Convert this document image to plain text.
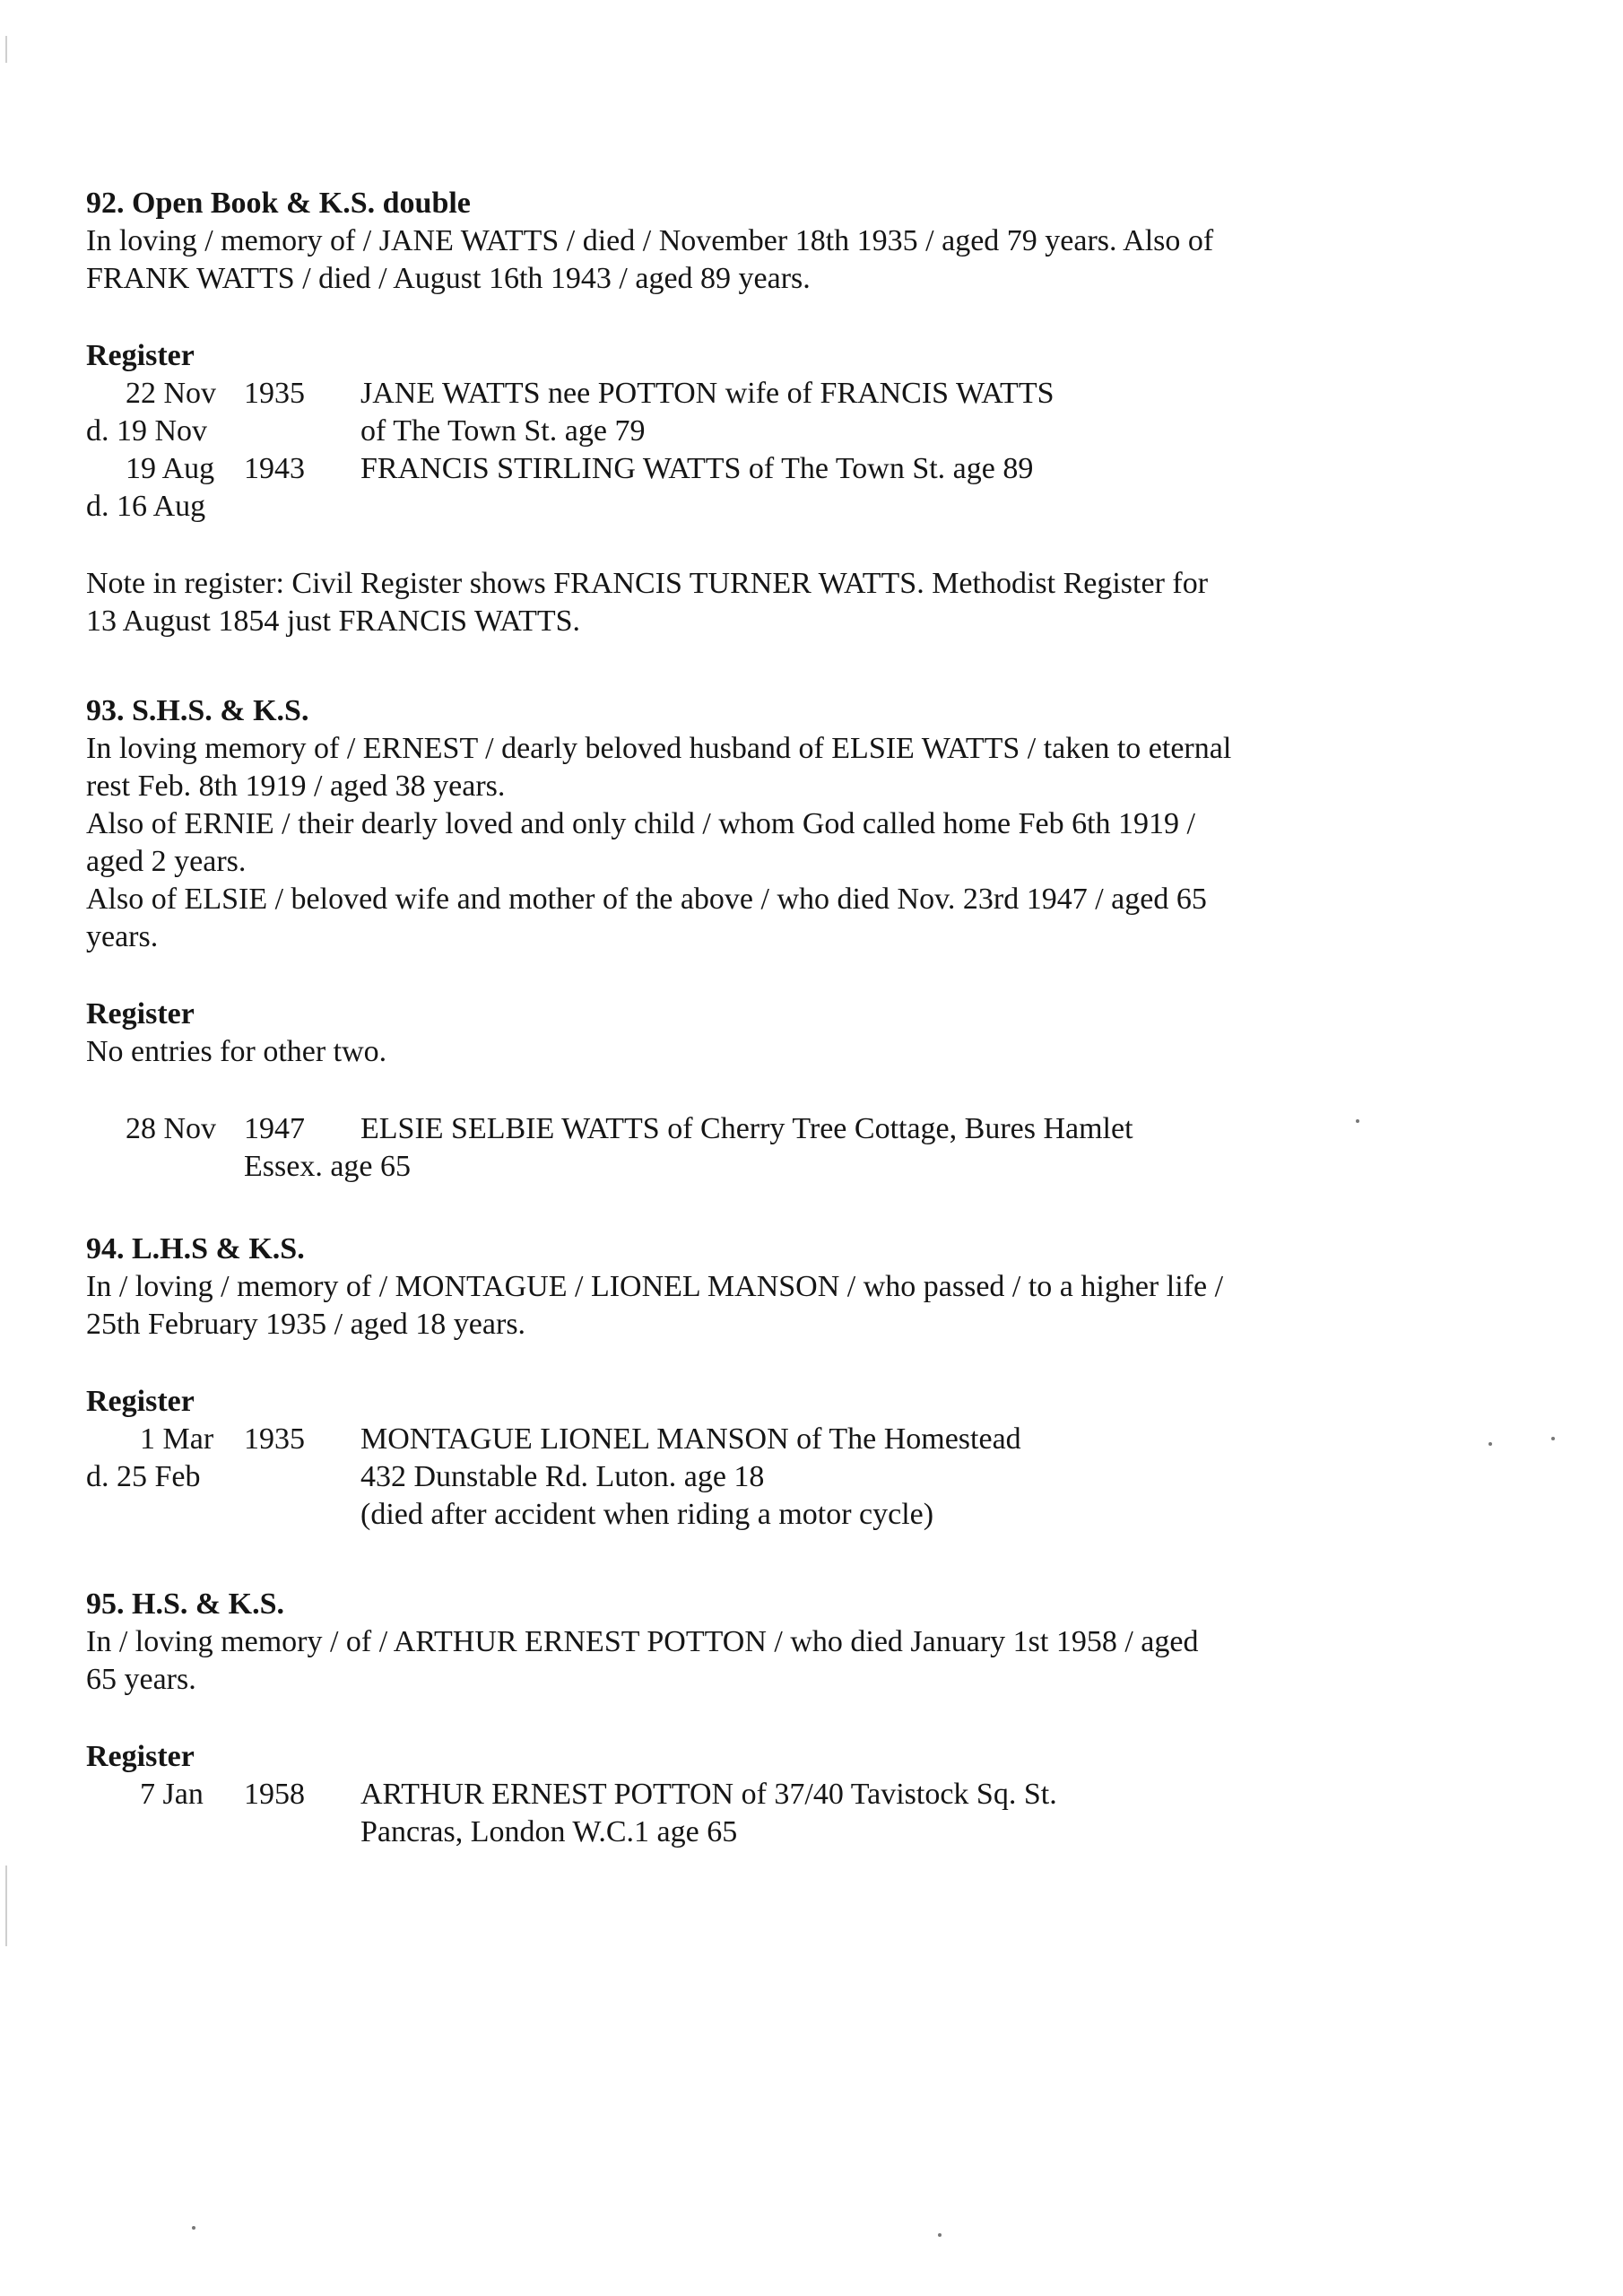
92. Open Book & K.S. double
In loving / memory of / JANE WATTS / died / November 18th 1935 / aged 79 years. Also of
FRANK WATTS / died / August 16th 1943 / aged 89 years.
Register
22 Nov 1935 JANE WATTS nee POTTON wife of FRANCIS WATTS
d. 19 Nov	of The Town St. age 79
19 Aug 1943 FRANCIS STIRLING WATTS of The Town St. age 89
d. 16 Aug
Note in register: Civil Register shows FRANCIS TURNER WATTS. Methodist Register for
13 August 1854 just FRANCIS WATTS.
93. S.H.S. & K.S.
In loving memory of / ERNEST / dearly beloved husband of ELSIE WATTS / taken to eternal
rest Feb. 8th 1919 / aged 38 years.
Also of ERNIE / their dearly loved and only child / whom God called home Feb 6th 1919 /
aged 2 years.
Also of ELSIE / beloved wife and mother of the above / who died Nov. 23rd 1947 / aged 65
years.
Register
No entries for other two.
28 Nov 1947 ELSIE SELBIE WATTS of Cherry Tree Cottage, Bures Hamlet
Essex. age 65
94. L.H.S & K.S.
In / loving / memory of / MONTAGUE / LIONEL MANSON / who passed / to a higher life /
25th February 1935 / aged 18 years.
Register
1 Mar 1935 MONTAGUE LIONEL MANSON of The Homestead
d. 25 Feb	432 Dunstable Rd. Luton. age 18
(died after accident when riding a motor cycle)
95. H.S. & K.S.
In / loving memory / of / ARTHUR ERNEST POTTON / who died January 1st 1958 / aged
65 years.
Register
7 Jan 1958 ARTHUR ERNEST POTTON of 37/40 Tavistock Sq. St.
Pancras, London W.C.1 age 65
